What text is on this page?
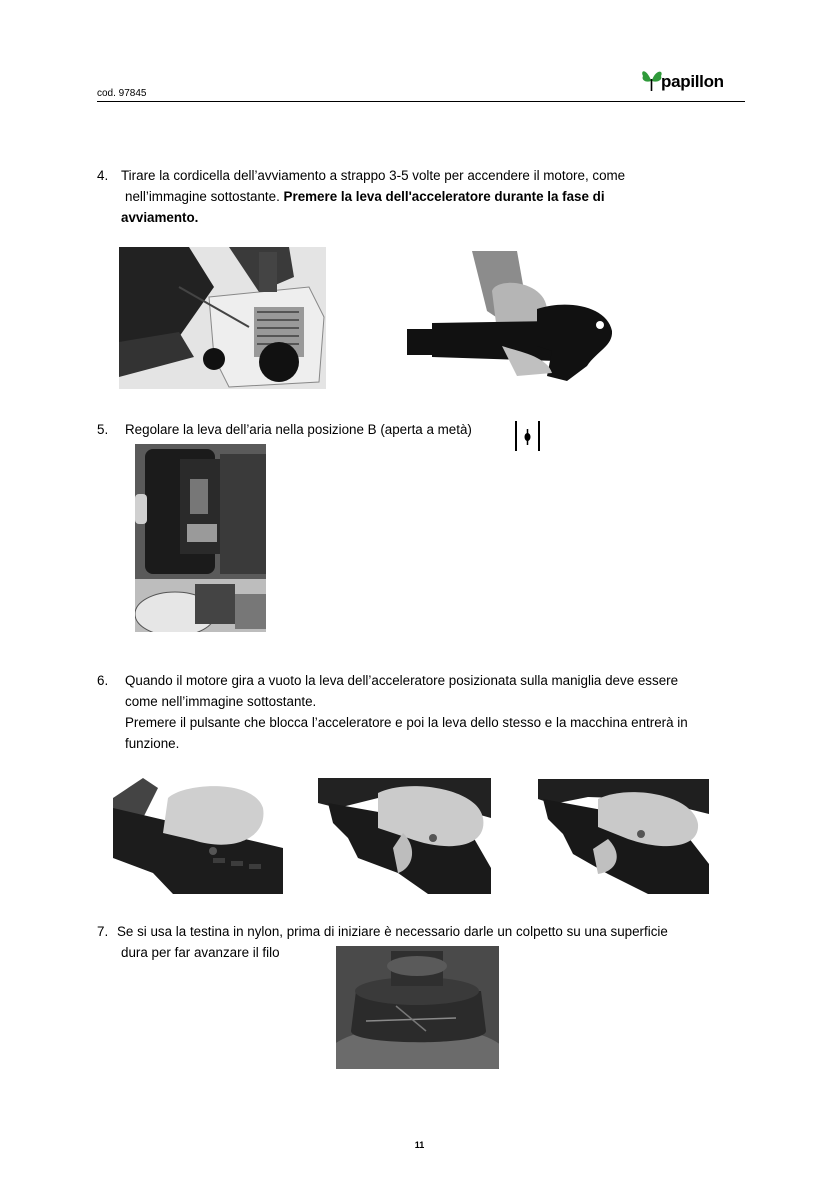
cod. 97845
papillon
4. Tirare la cordicella dell’avviamento a strappo 3-5 volte per accendere il motore, come
nell’immagine sottostante. Premere la leva dell'acceleratore durante la fase di
avviamento.
5. Regolare la leva dell’aria nella posizione B (aperta a metà)
6. Quando il motore gira a vuoto la leva dell’acceleratore posizionata sulla maniglia deve essere
come nell’immagine sottostante.
Premere il pulsante che blocca l’acceleratore e poi la leva dello stesso e la macchina entrerà in
funzione.
7. Se si usa la testina in nylon, prima di iniziare è necessario darle un colpetto su una superficie
dura per far avanzare il filo
11
